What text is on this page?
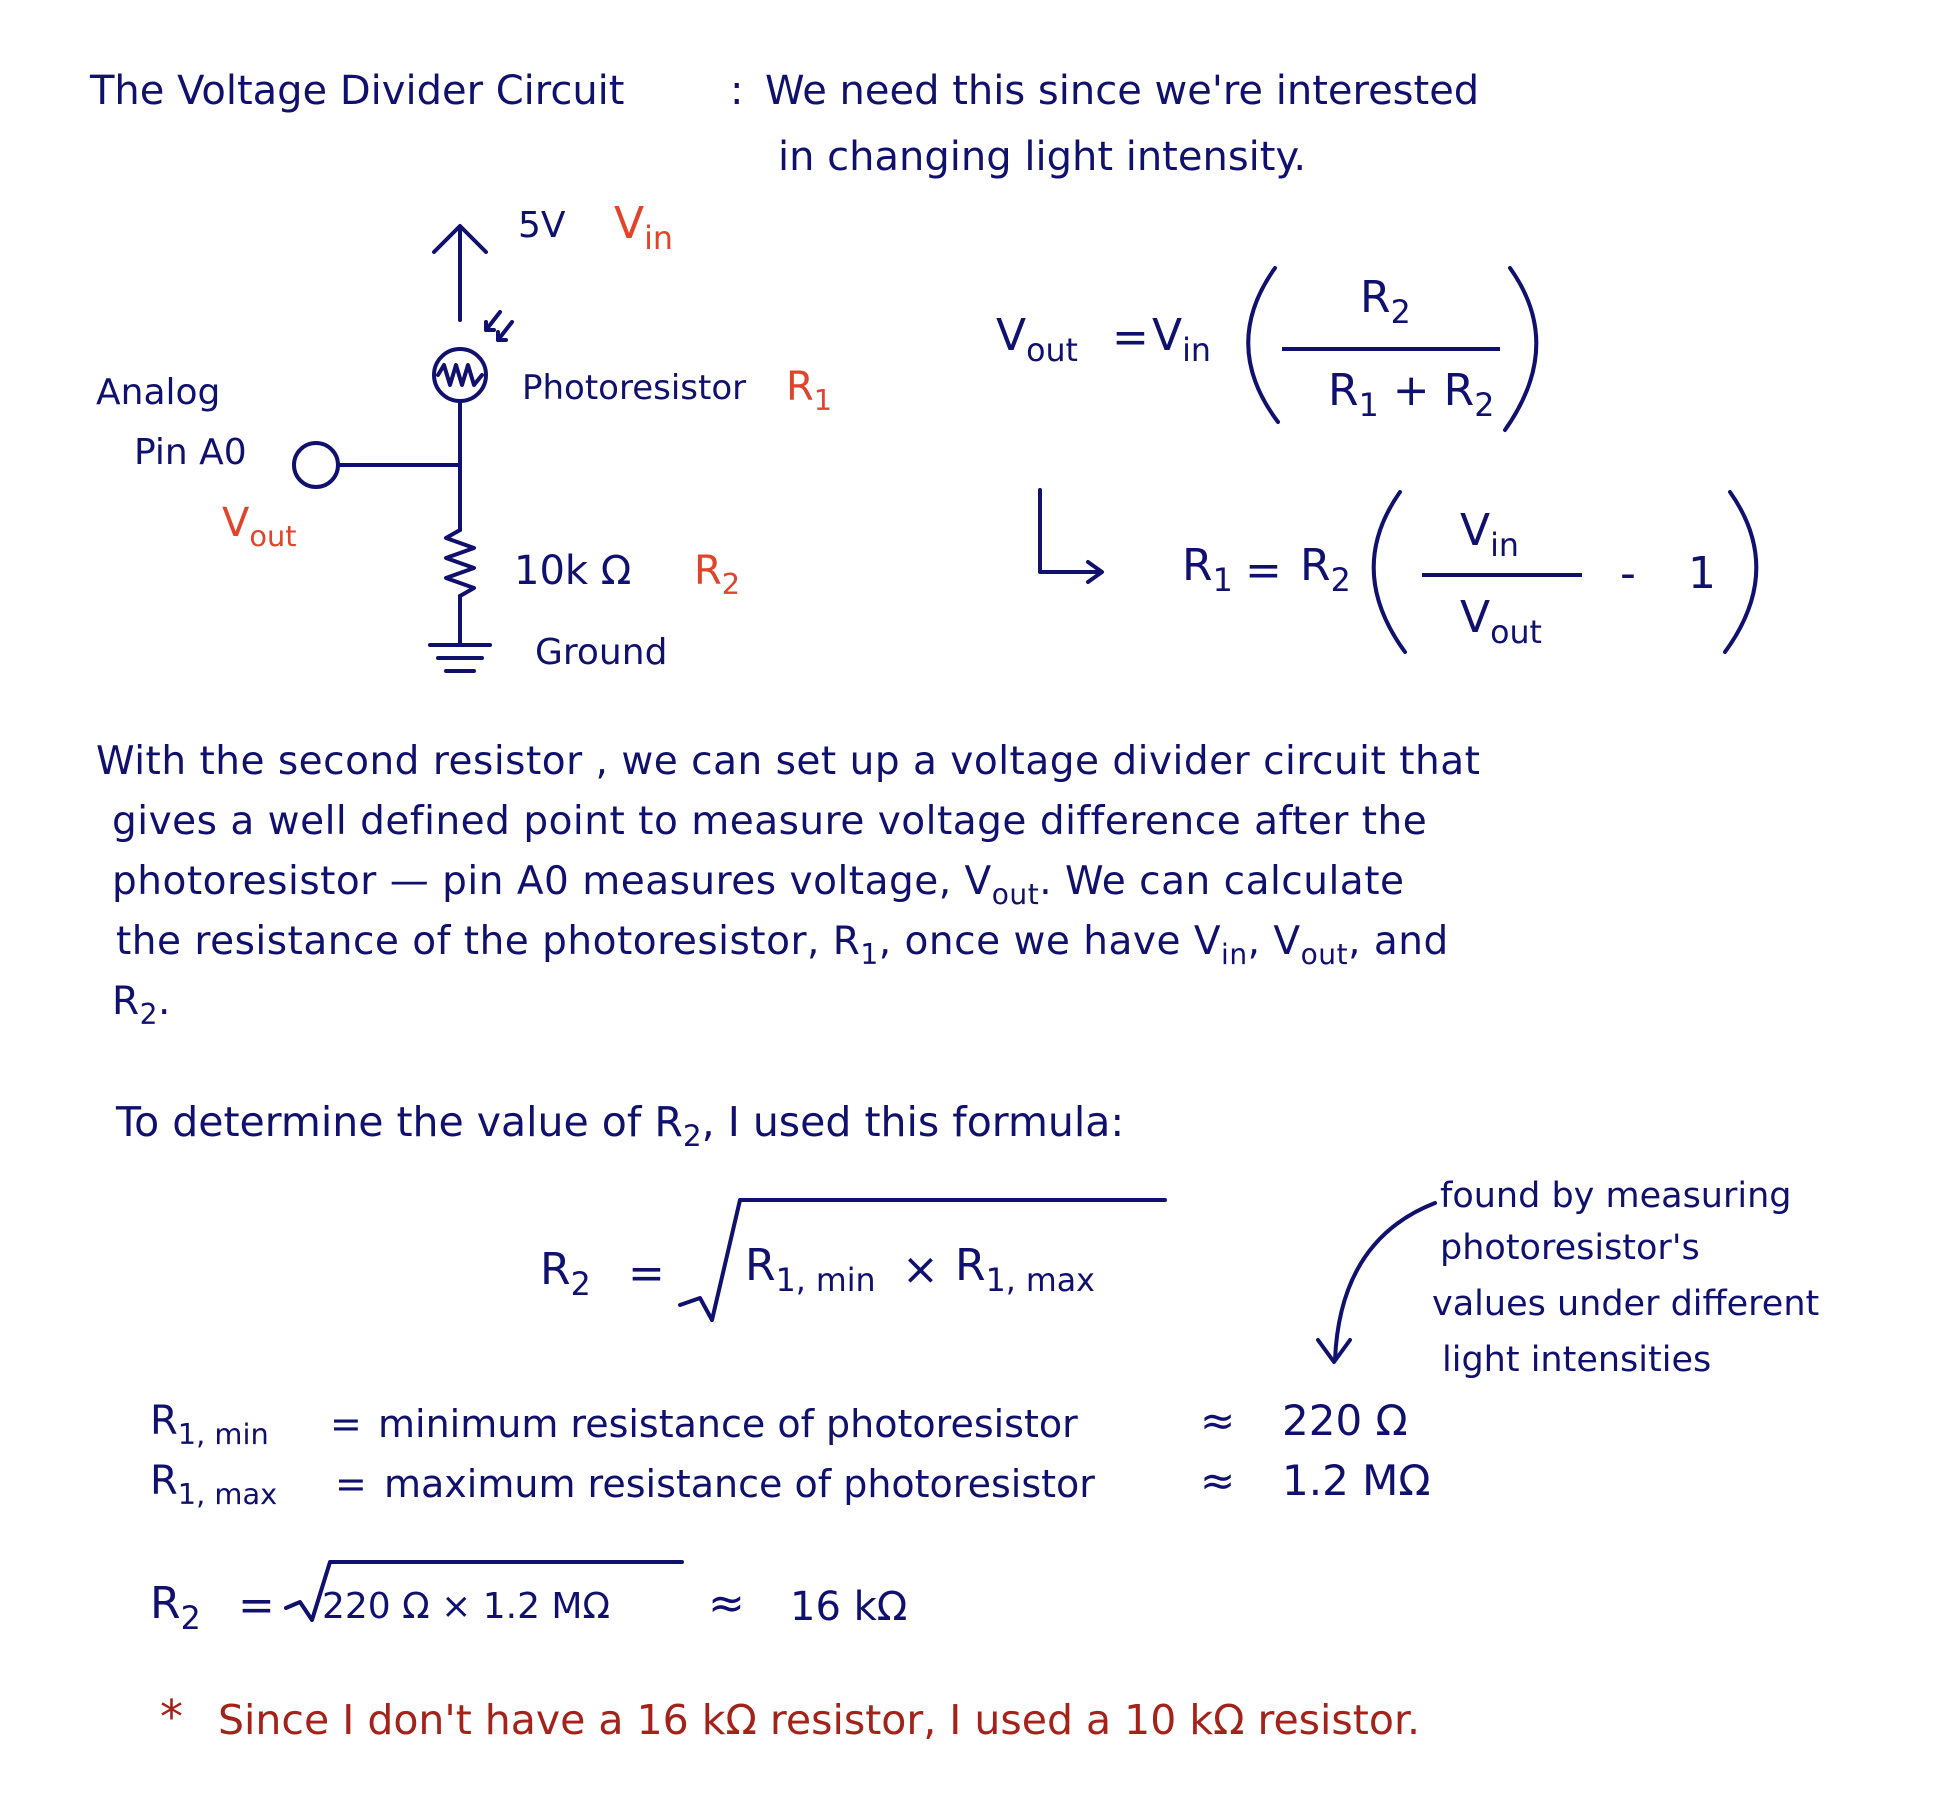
The Voltage Divider Circuit	: We need this since we're interested
in changing light intensity.
5V $V_{in}$
Photoresistor $R_1$
Analog
Pin A0
$V_{out}$
10k Ω $R_2$
Ground
$V_{out} = V_{in}$
$R_2$
$R_1 + R_2$
$R_1 = R_2$
$V_{in}$
$V_{out}$
- 1
With the second resistor , we can set up a voltage divider circuit that
gives a well defined point to measure voltage difference after the
photoresistor — pin A0 measures voltage, $V_{out}$. We can calculate
the resistance of the photoresistor, $R_1$, once we have $V_{in}$, $V_{out}$, and
$R_2$.
To determine the value of $R_2$, I used this formula:
$R_2 = R_{1, min} \times R_{1, max}$
found by measuring
photoresistor's
values under different
light intensities
$R_{1, min}$ = minimum resistance of photoresistor	≈ 220 Ω
$R_{1, max}$ = maximum resistance of photoresistor	≈ 1.2 MΩ
$R_2 = 220$ Ω × 1.2 MΩ ≈ 16 kΩ
* Since I don't have a 16 kΩ resistor, I used a 10 kΩ resistor.
